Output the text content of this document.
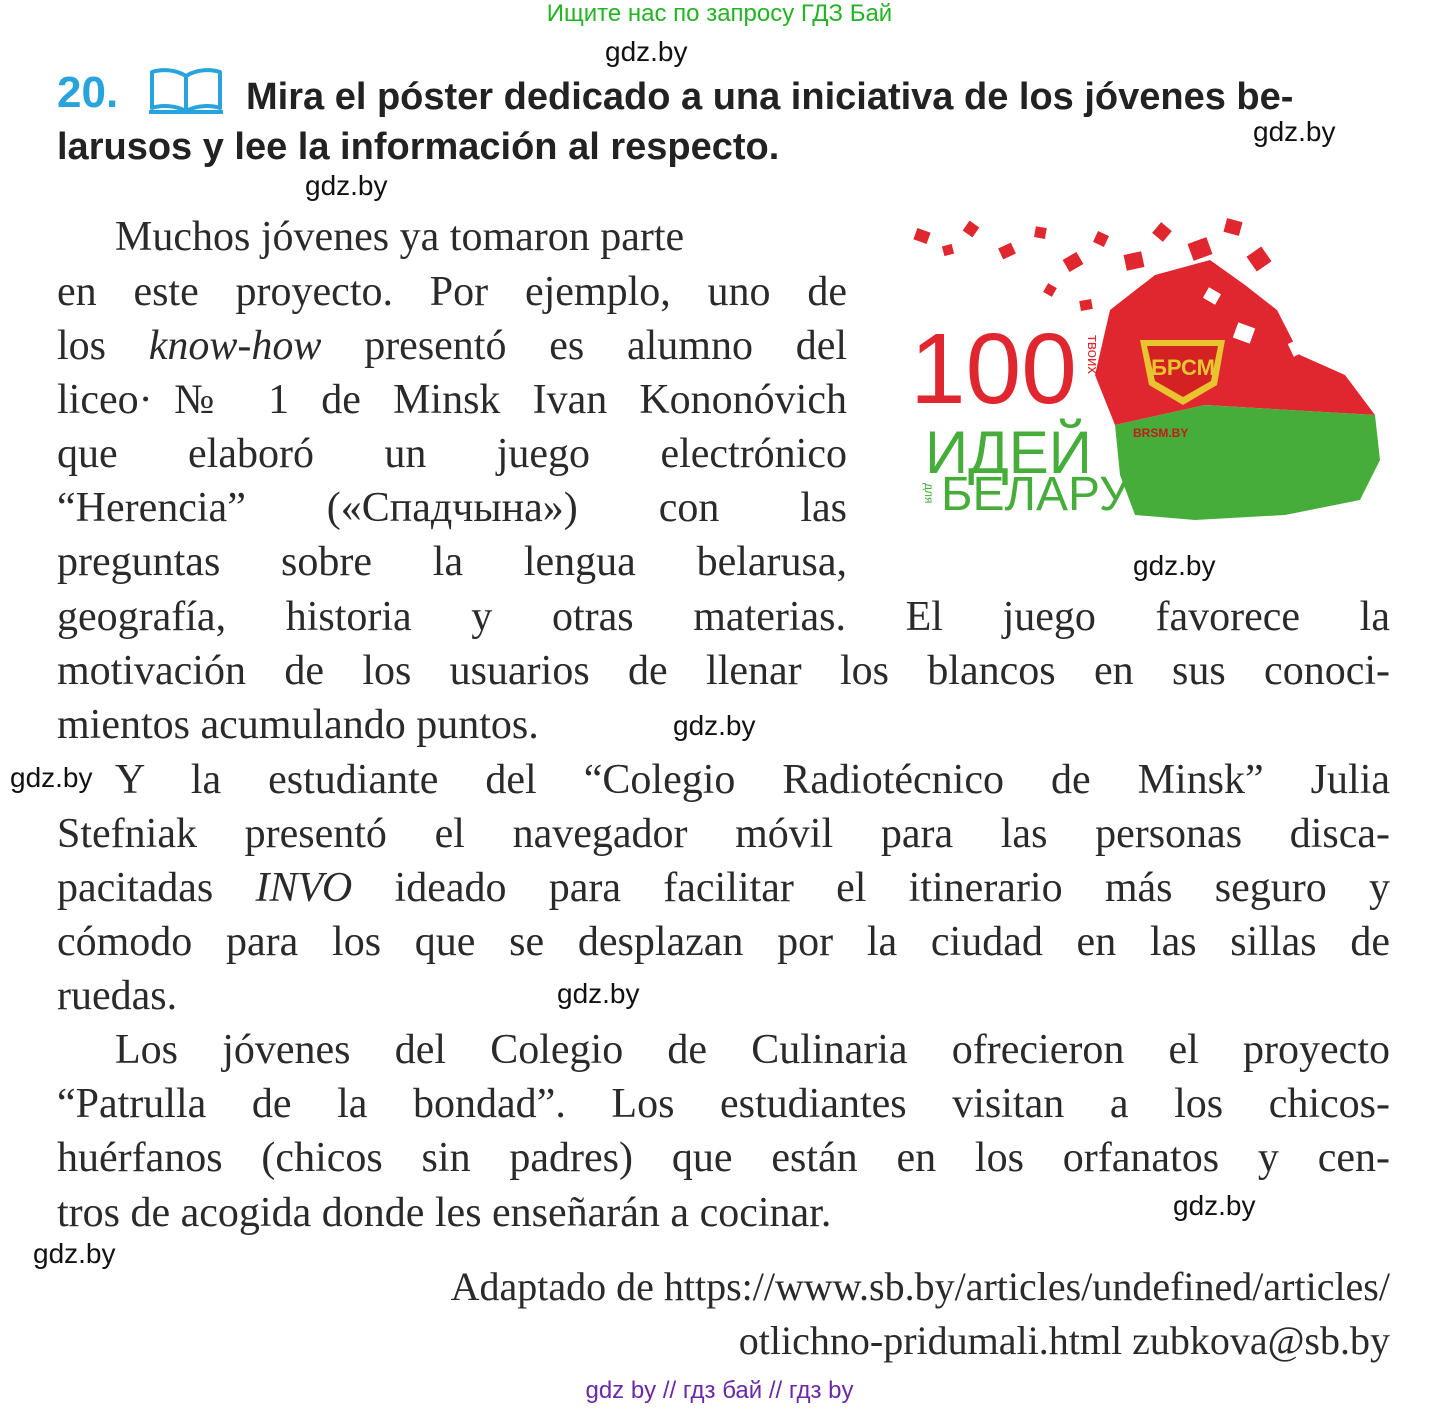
Ищите нас по запросу ГДЗ Бай
gdz.by
gdz.by
gdz.by
gdz.by
gdz.by
gdz.by
gdz.by
gdz.by
gdz.by
20.	Mira el póster dedicado a una iniciativa de los jóvenes be-
larusos y lee la información al respecto.
БРСМ
BRSM.BY
100 твоих
ИДЕЙ
для БЕЛАРУСИ
Muchos jóvenes ya tomaron parte
en este proyecto. Por ejemplo, uno de
los know-how presentó es alumno del
liceo·№ 1 de Minsk Ivan Kononóvich
que elaboró un juego electrónico
“Herencia” («Спадчына») con las
preguntas sobre la lengua belarusa,
geografía, historia y otras materias. El juego favorece la
motivación de los usuarios de llenar los blancos en sus conoci-
mientos acumulando puntos.
Y la estudiante del “Colegio Radiotécnico de Minsk” Julia
Stefniak presentó el navegador móvil para las personas disca-
pacitadas INVO ideado para facilitar el itinerario más seguro y
cómodo para los que se desplazan por la ciudad en las sillas de
ruedas.
Los jóvenes del Colegio de Culinaria ofrecieron el proyecto
“Patrulla de la bondad”. Los estudiantes visitan a los chicos-
huérfanos (chicos sin padres) que están en los orfanatos y cen-
tros de acogida donde les enseñarán a cocinar.
Adaptado de https://www.sb.by/articles/undefined/articles/
otlichno-pridumali.html zubkova@sb.by
gdz by // гдз бай // гдз by
